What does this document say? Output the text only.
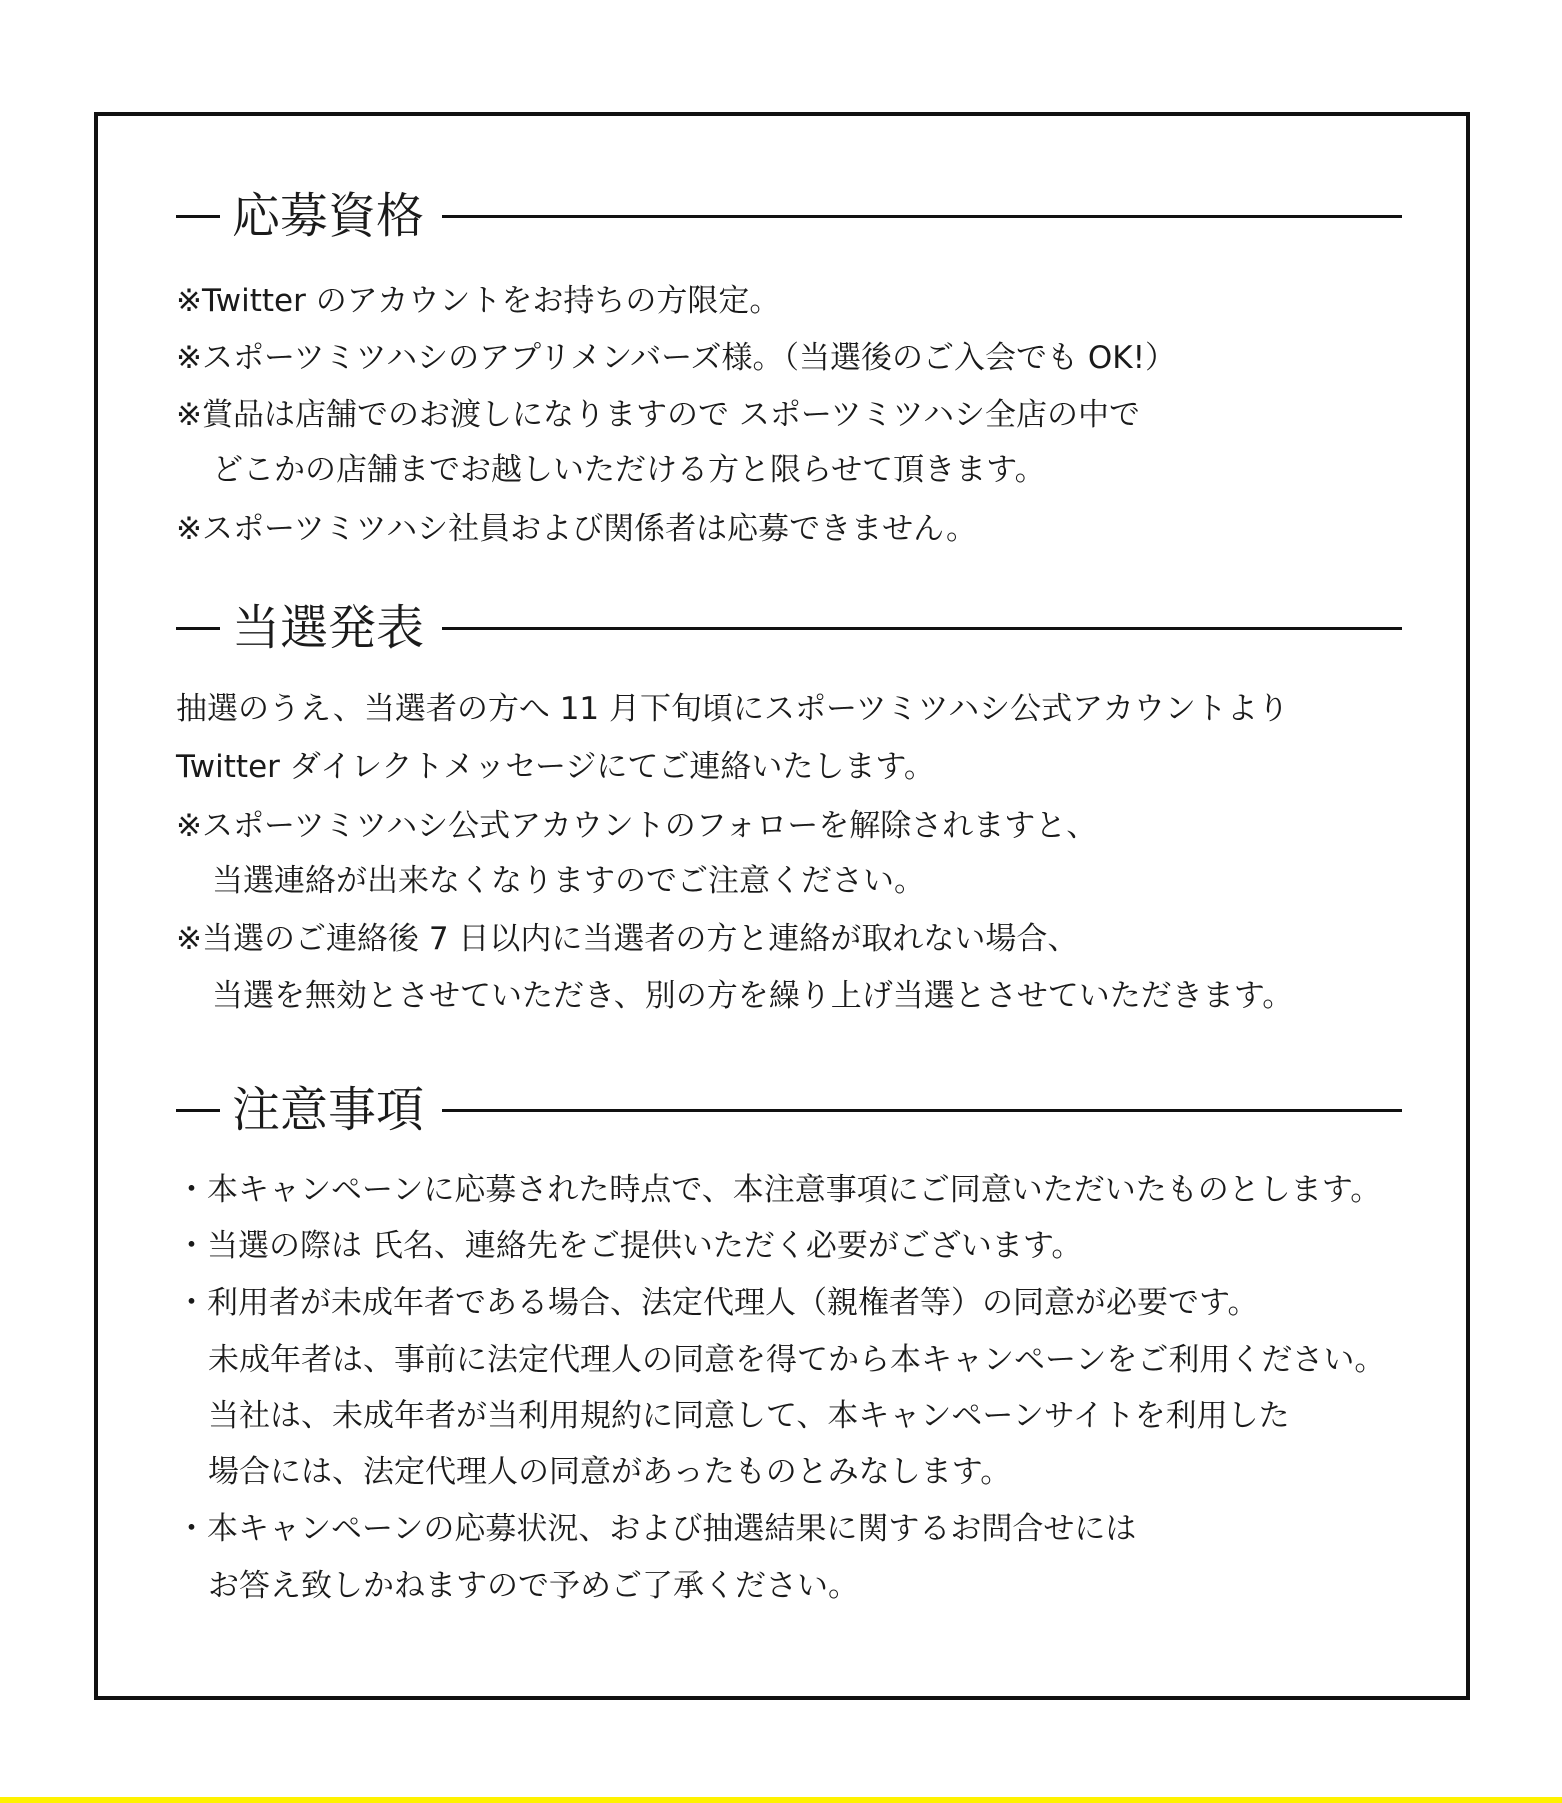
応募資格
※Twitter のアカウントをお持ちの方限定。
※スポーツミツハシのアプリメンバーズ様。（当選後のご入会でも OK!）
※賞品は店舗でのお渡しになりますので スポーツミツハシ全店の中で
どこかの店舗までお越しいただける方と限らせて頂きます。
※スポーツミツハシ社員および関係者は応募できません。
当選発表
抽選のうえ、当選者の方へ 11 月下旬頃にスポーツミツハシ公式アカウントより
Twitter ダイレクトメッセージにてご連絡いたします。
※スポーツミツハシ公式アカウントのフォローを解除されますと、
当選連絡が出来なくなりますのでご注意ください。
※当選のご連絡後 7 日以内に当選者の方と連絡が取れない場合、
当選を無効とさせていただき、別の方を繰り上げ当選とさせていただきます。
注意事項
・本キャンペーンに応募された時点で、本注意事項にご同意いただいたものとします。
・当選の際は 氏名、連絡先をご提供いただく必要がございます。
・利用者が未成年者である場合、法定代理人（親権者等）の同意が必要です。
未成年者は、事前に法定代理人の同意を得てから本キャンペーンをご利用ください。
当社は、未成年者が当利用規約に同意して、本キャンペーンサイトを利用した
場合には、法定代理人の同意があったものとみなします。
・本キャンペーンの応募状況、および抽選結果に関するお問合せには
お答え致しかねますので予めご了承ください。
